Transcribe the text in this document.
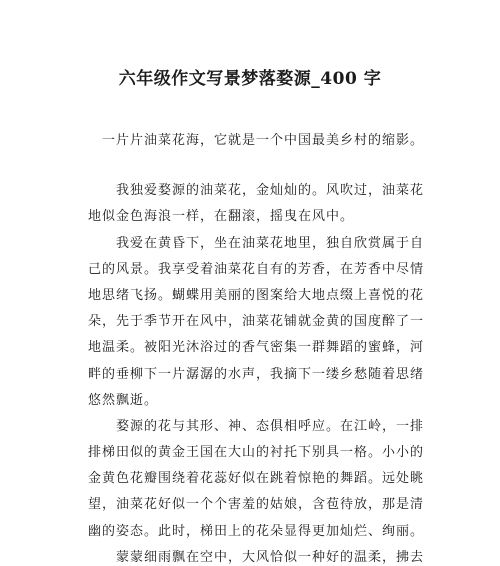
六年级作文写景梦落婺源_400 字
　一片片油菜花海，它就是一个中国最美乡村的缩影。
　　我独爱婺源的油菜花，金灿灿的。风吹过，油菜花
地似金色海浪一样，在翻滚，摇曳在风中。
　　我爱在黄昏下，坐在油菜花地里，独自欣赏属于自
己的风景。我享受着油菜花自有的芳香，在芳香中尽情
地思绪飞扬。蝴蝶用美丽的图案给大地点缀上喜悦的花
朵，先于季节开在风中，油菜花铺就金黄的国度醉了一
地温柔。被阳光沐浴过的香气密集一群舞蹈的蜜蜂，河
畔的垂柳下一片潺潺的水声，我摘下一缕乡愁随着思绪
悠然飘逝。
　　婺源的花与其形、神、态俱相呼应。在江岭，一排
排梯田似的黄金王国在大山的衬托下别具一格。小小的
金黄色花瓣围绕着花蕊好似在跳着惊艳的舞蹈。远处眺
望，油菜花好似一个个害羞的姑娘，含苞待放，那是清
幽的姿态。此时，梯田上的花朵显得更加灿烂、绚丽。
　　蒙蒙细雨飘在空中，大风恰似一种好的温柔，拂去
